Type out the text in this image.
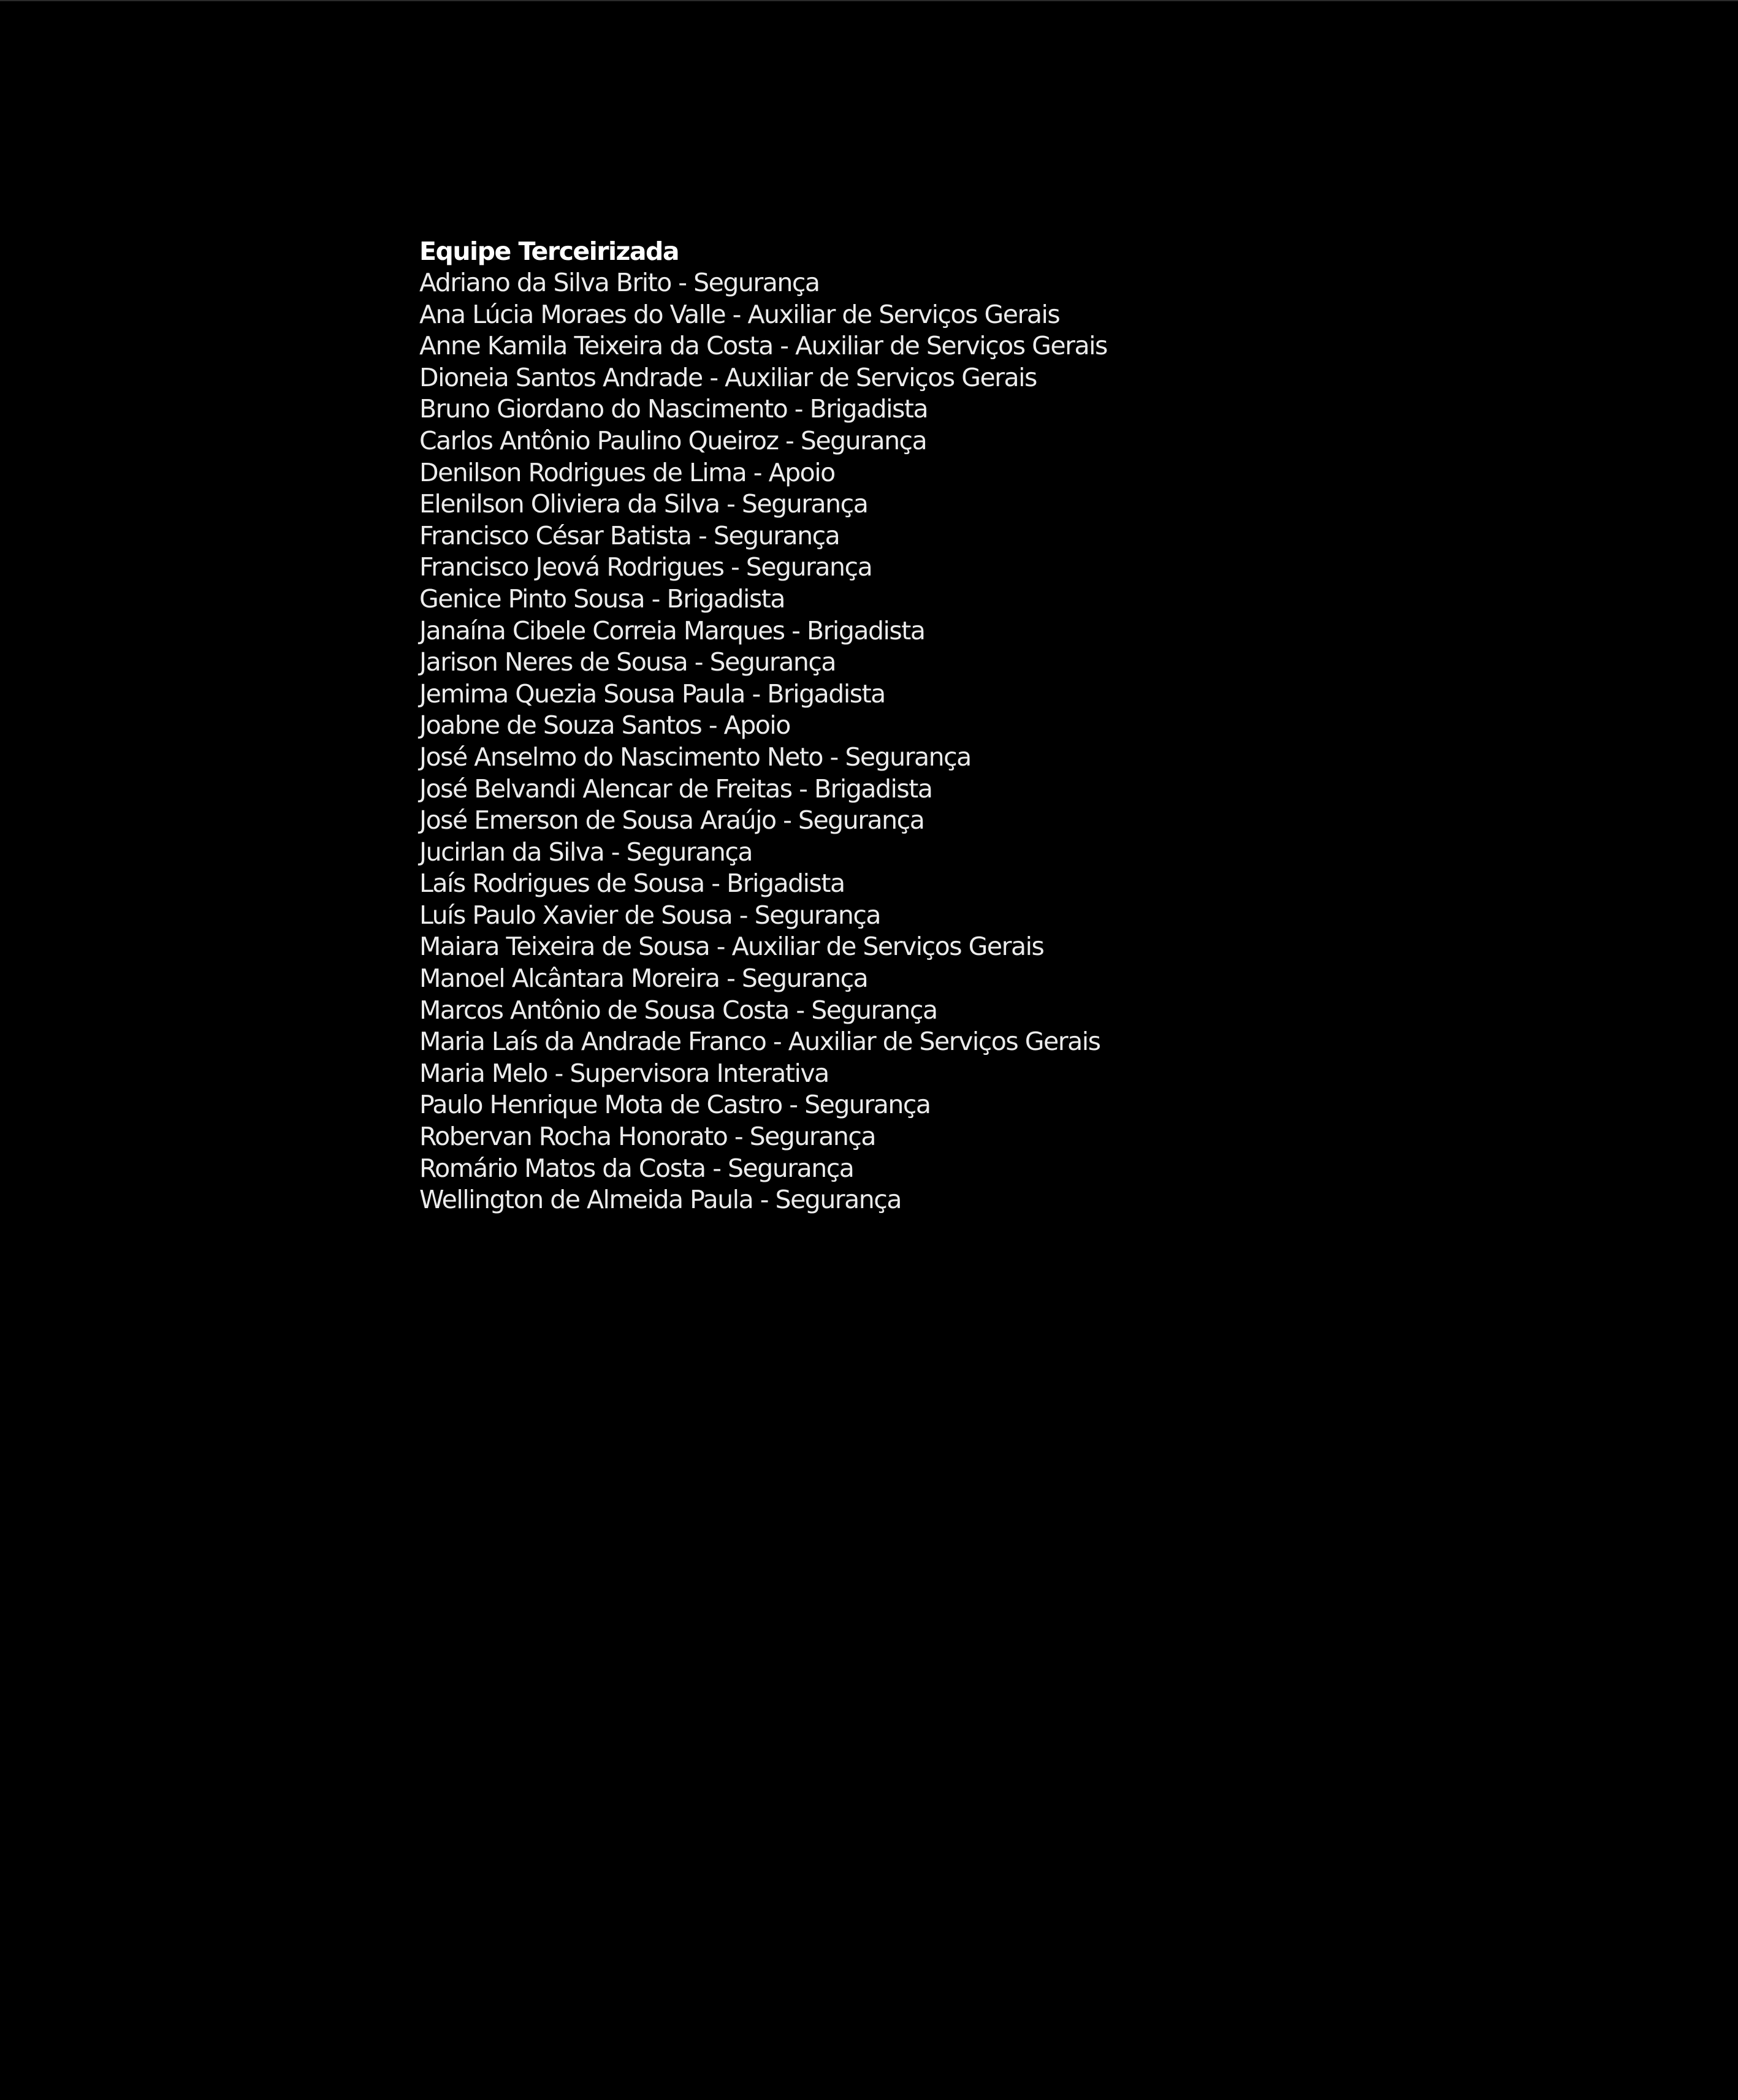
Equipe Terceirizada
Adriano da Silva Brito - Segurança
Ana Lúcia Moraes do Valle - Auxiliar de Serviços Gerais
Anne Kamila Teixeira da Costa - Auxiliar de Serviços Gerais
Dioneia Santos Andrade - Auxiliar de Serviços Gerais
Bruno Giordano do Nascimento - Brigadista
Carlos Antônio Paulino Queiroz - Segurança
Denilson Rodrigues de Lima - Apoio
Elenilson Oliviera da Silva - Segurança
Francisco César Batista - Segurança
Francisco Jeová Rodrigues - Segurança
Genice Pinto Sousa - Brigadista
Janaína Cibele Correia Marques - Brigadista
Jarison Neres de Sousa - Segurança
Jemima Quezia Sousa Paula - Brigadista
Joabne de Souza Santos - Apoio
José Anselmo do Nascimento Neto - Segurança
José Belvandi Alencar de Freitas - Brigadista
José Emerson de Sousa Araújo - Segurança
Jucirlan da Silva - Segurança
Laís Rodrigues de Sousa - Brigadista
Luís Paulo Xavier de Sousa - Segurança
Maiara Teixeira de Sousa - Auxiliar de Serviços Gerais
Manoel Alcântara Moreira - Segurança
Marcos Antônio de Sousa Costa - Segurança
Maria Laís da Andrade Franco - Auxiliar de Serviços Gerais
Maria Melo - Supervisora Interativa
Paulo Henrique Mota de Castro - Segurança
Robervan Rocha Honorato - Segurança
Romário Matos da Costa - Segurança
Wellington de Almeida Paula - Segurança
